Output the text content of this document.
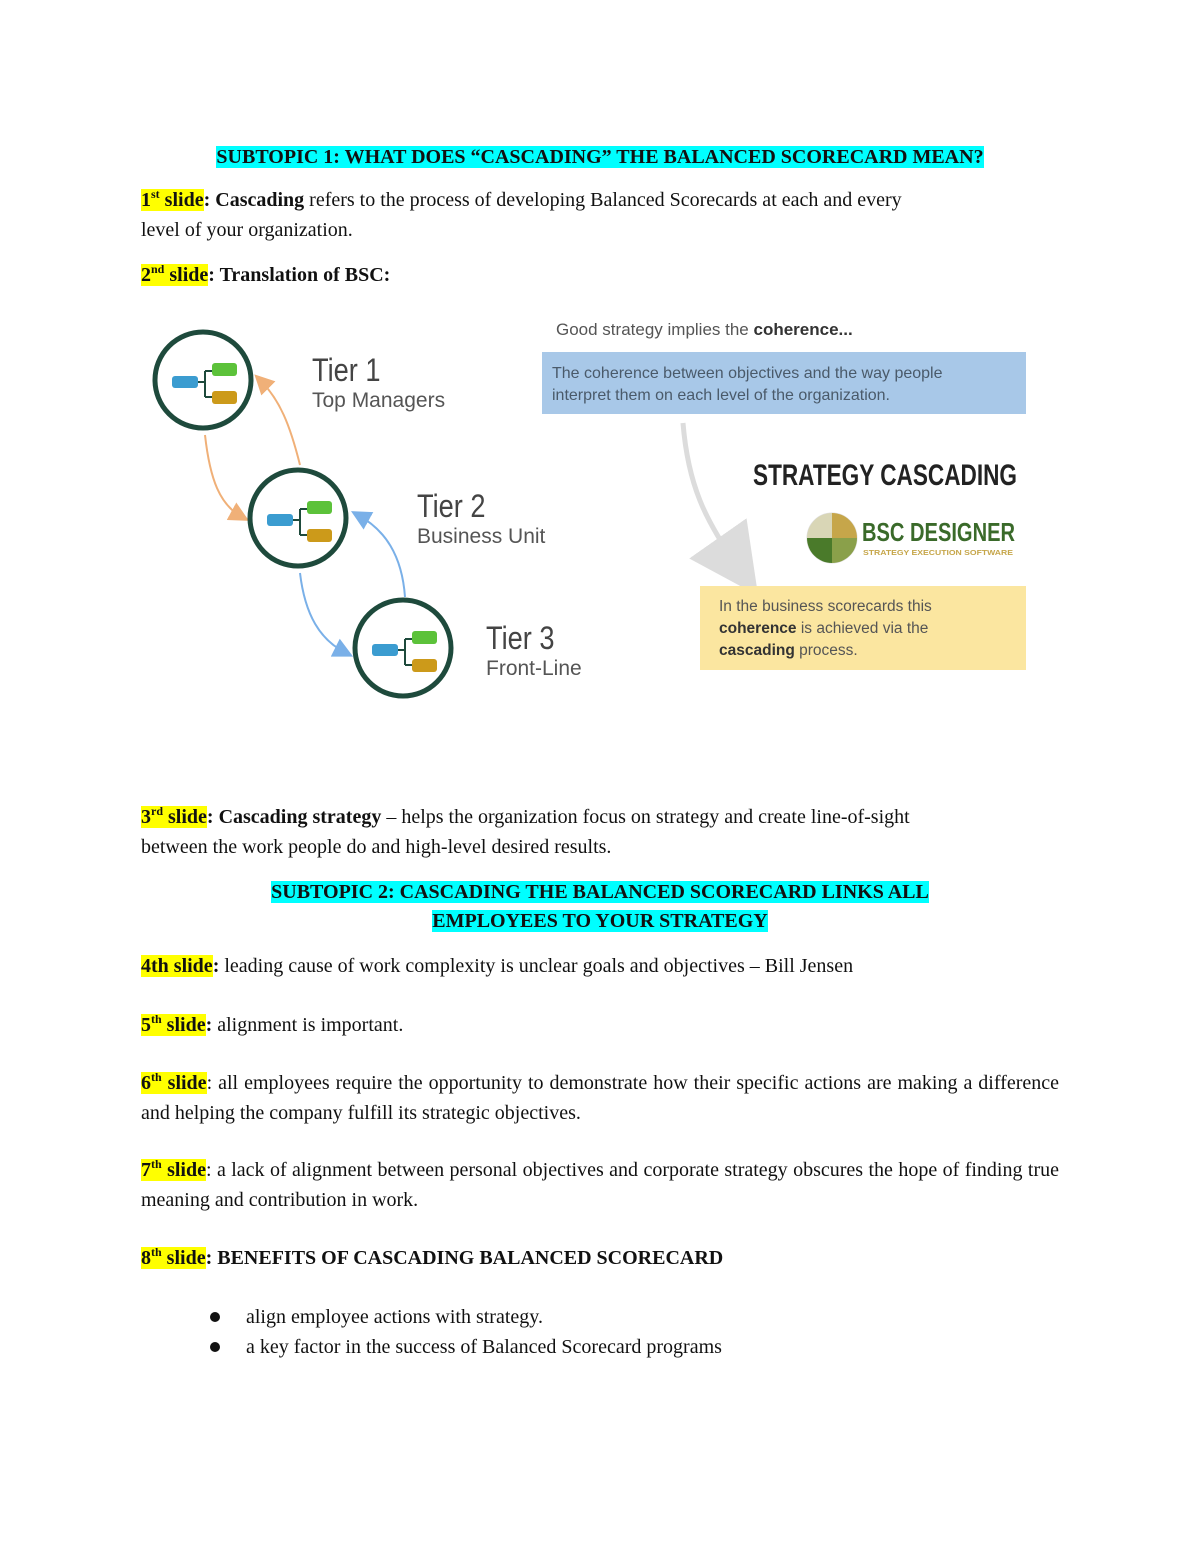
SUBTOPIC 1: WHAT DOES “CASCADING” THE BALANCED SCORECARD MEAN?
1st slide: Cascading refers to the process of developing Balanced Scorecards at each and every
level of your organization.
2nd slide: Translation of BSC:
Good strategy implies the coherence...
The coherence between objectives and the way people
interpret them on each level of the organization.
STRATEGY CASCADING
BSC DESIGNER
STRATEGY EXECUTION SOFTWARE
In the business scorecards this
coherence is achieved via the
cascading process.
Tier 1
Top Managers
Tier 2
Business Unit
Tier 3
Front-Line
3rd slide: Cascading strategy – helps the organization focus on strategy and create line-of-sight
between the work people do and high-level desired results.
SUBTOPIC 2: CASCADING THE BALANCED SCORECARD LINKS ALL
EMPLOYEES TO YOUR STRATEGY
4th slide: leading cause of work complexity is unclear goals and objectives – Bill Jensen
5th slide: alignment is important.
6th slide: all employees require the opportunity to demonstrate how their specific actions are making a difference and helping the company fulfill its strategic objectives.
7th slide: a lack of alignment between personal objectives and corporate strategy obscures the hope of finding true meaning and contribution in work.
8th slide: BENEFITS OF CASCADING BALANCED SCORECARD
align employee actions with strategy.
a key factor in the success of Balanced Scorecard programs
